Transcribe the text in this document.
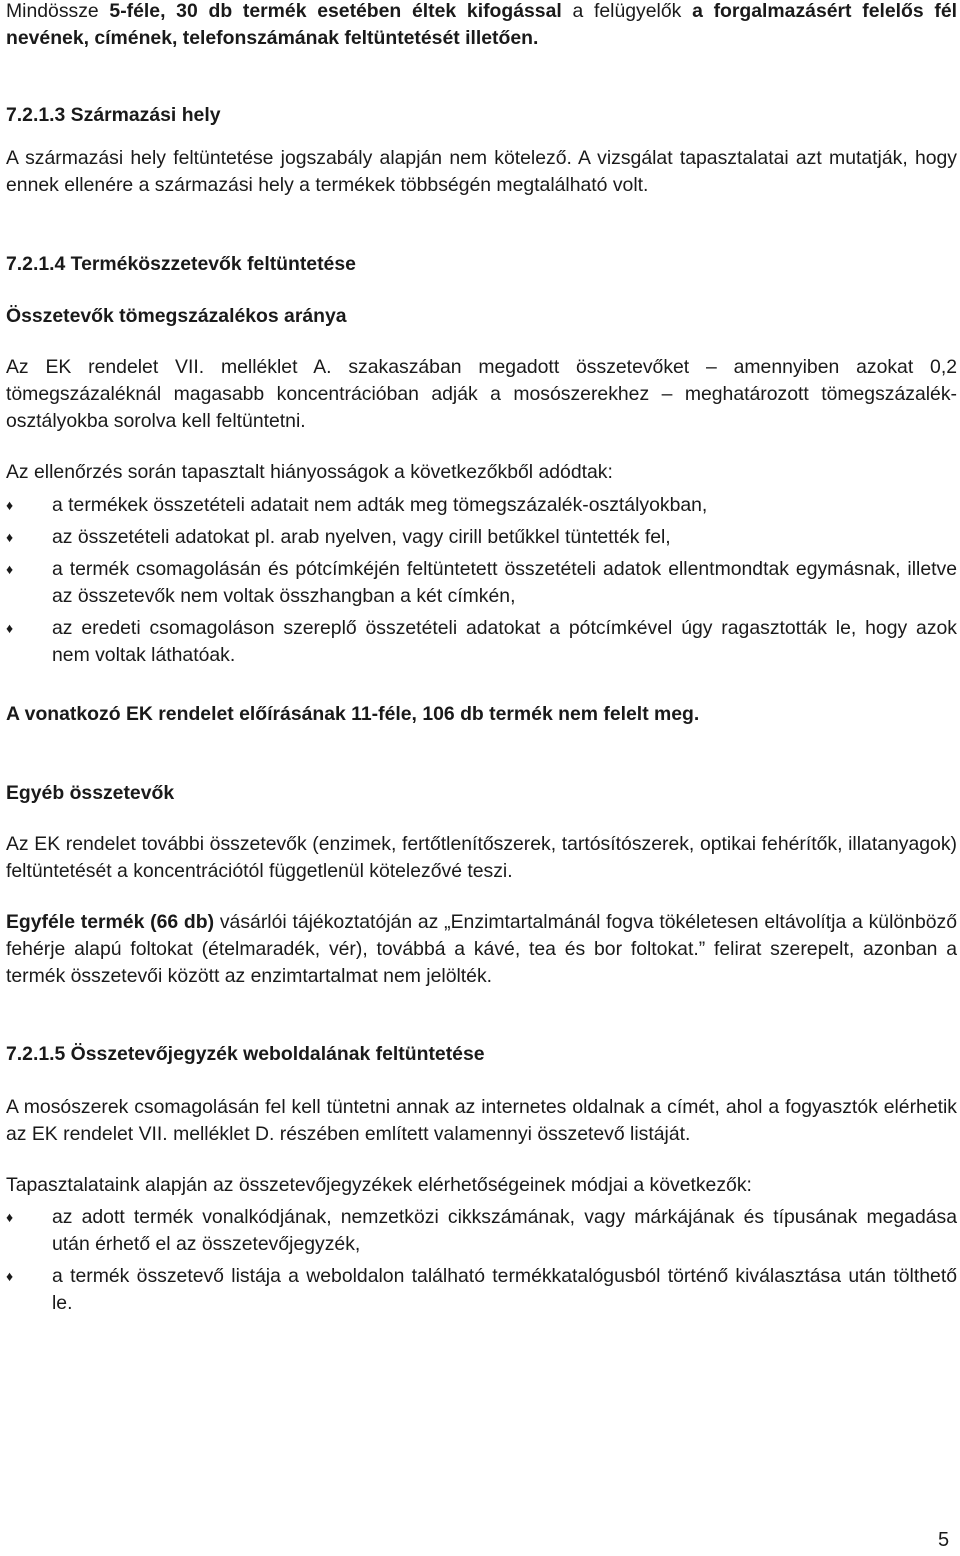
Mindössze 5-féle, 30 db termék esetében éltek kifogással a felügyelők a forgalmazásért felelős fél nevének, címének, telefonszámának feltüntetését illetően.

7.2.1.3 Származási hely

A származási hely feltüntetése jogszabály alapján nem kötelező. A vizsgálat tapasztalatai azt mutatják, hogy ennek ellenére a származási hely a termékek többségén megtalálható volt.

7.2.1.4 Terméköszzetevők feltüntetése

Összetevők tömegszázalékos aránya

Az EK rendelet VII. melléklet A. szakaszában megadott összetevőket – amennyiben azokat 0,2 tömegszázaléknál magasabb koncentrációban adják a mosószerekhez – meghatározott tömegszázalék-osztályokba sorolva kell feltüntetni.

Az ellenőrzés során tapasztalt hiányosságok a következőkből adódtak:

♦ a termékek összetételi adatait nem adták meg tömegszázalék-osztályokban,
♦ az összetételi adatokat pl. arab nyelven, vagy cirill betűkkel tüntették fel,
♦ a termék csomagolásán és pótcímkéjén feltüntetett összetételi adatok ellentmondtak egymásnak, illetve az összetevők nem voltak összhangban a két címkén,
♦ az eredeti csomagoláson szereplő összetételi adatokat a pótcímkével úgy ragasztották le, hogy azok nem voltak láthatóak.

A vonatkozó EK rendelet előírásának 11-féle, 106 db termék nem felelt meg.

Egyéb összetevők

Az EK rendelet további összetevők (enzimek, fertőtlenítőszerek, tartósítószerek, optikai fehérítők, illatanyagok) feltüntetését a koncentrációtól függetlenül kötelezővé teszi.

Egyféle termék (66 db) vásárlói tájékoztatóján az „Enzimtartalmánál fogva tökéletesen eltávolítja a különböző fehérje alapú foltokat (ételmaradék, vér), továbbá a kávé, tea és bor foltokat.” felirat szerepelt, azonban a termék összetevői között az enzimtartalmat nem jelölték.

7.2.1.5 Összetevőjegyzék weboldalának feltüntetése

A mosószerek csomagolásán fel kell tüntetni annak az internetes oldalnak a címét, ahol a fogyasztók elérhetik az EK rendelet VII. melléklet D. részében említett valamennyi összetevő listáját.

Tapasztalataink alapján az összetevőjegyzékek elérhetőségeinek módjai a következők:

♦ az adott termék vonalkódjának, nemzetközi cikkszámának, vagy márkájának és típusának megadása után érhető el az összetevőjegyzék,
♦ a termék összetevő listája a weboldalon található termékkatalógusból történő kiválasztása után tölthető le.
5
